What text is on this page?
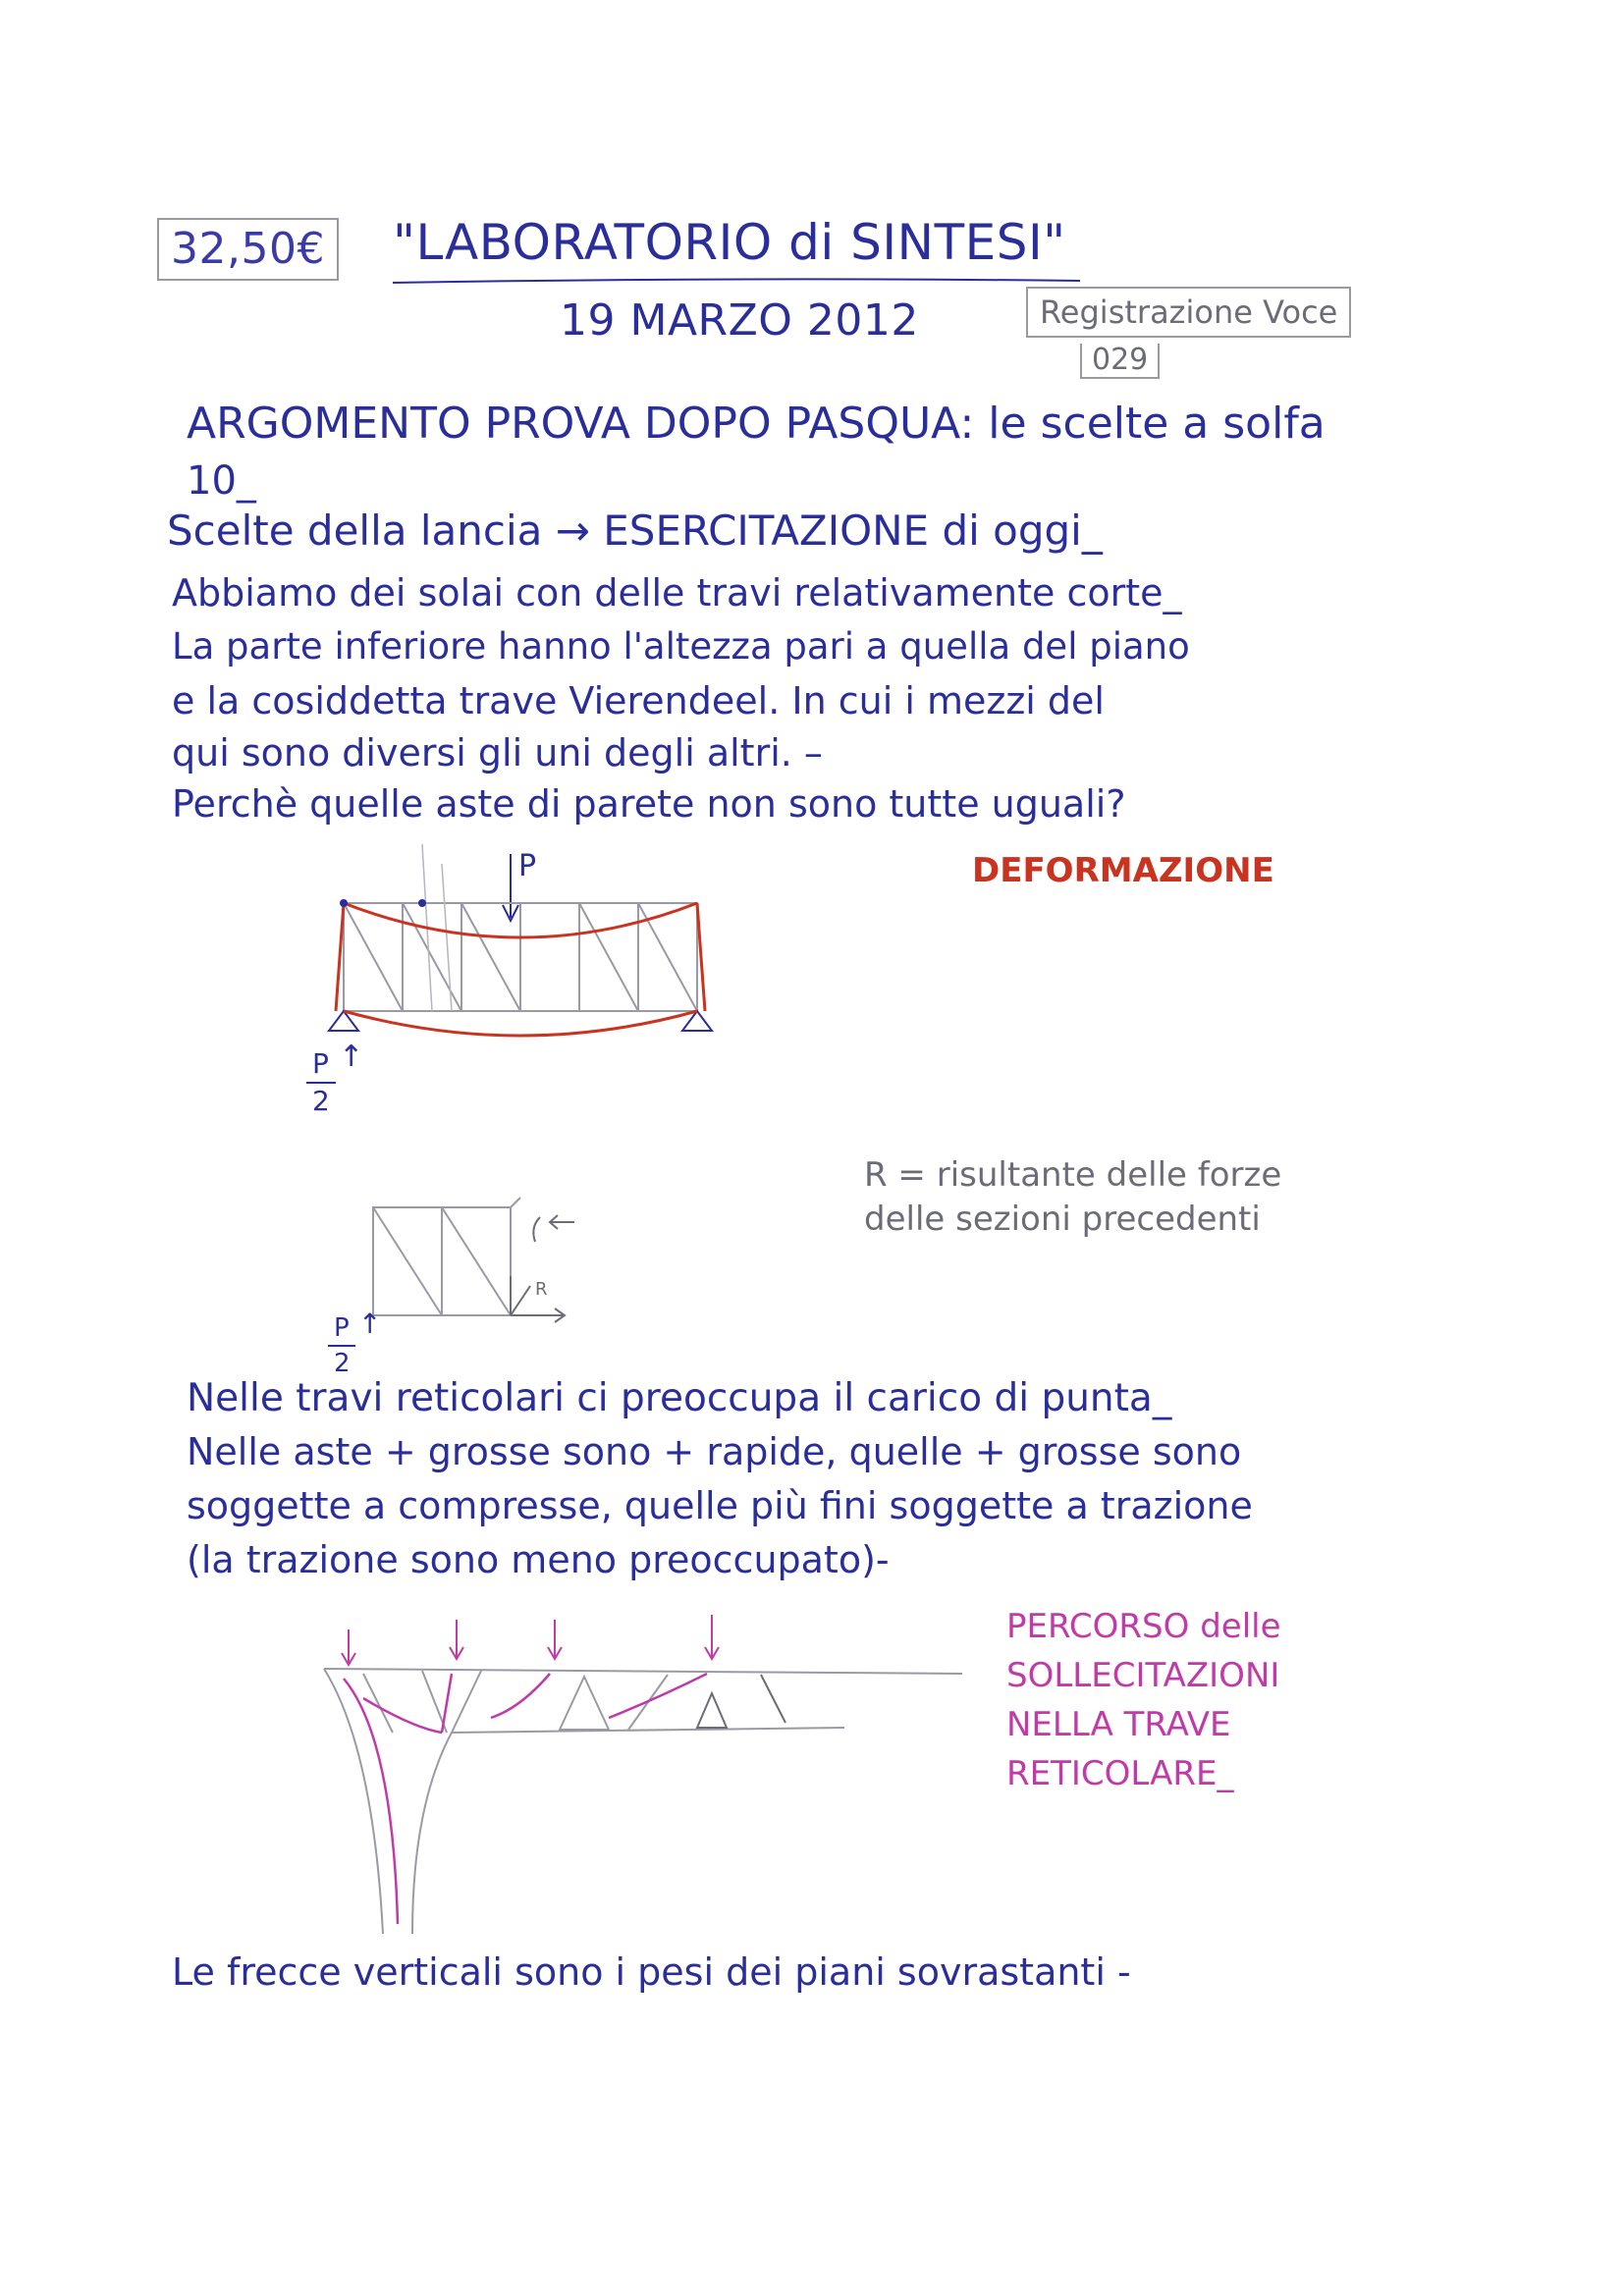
32,50€ "LABORATORIO di SINTESI"
19 MARZO 2012	Registrazione Voce
029
ARGOMENTO PROVA DOPO PASQUA: le scelte a solfa
10_
Scelte della lancia → ESERCITAZIONE di oggi_
Abbiamo dei solai con delle travi relativamente corte_
La parte inferiore hanno l'altezza pari a quella del piano
e la cosiddetta trave Vierendeel. In cui i mezzi del
qui sono diversi gli uni degli altri. –
Perchè quelle aste di parete non sono tutte uguali?
DEFORMAZIONE
P
P ↑
2
R = risultante delle forze
delle sezioni precedenti
R
P ↑
2
Nelle travi reticolari ci preoccupa il carico di punta_
Nelle aste + grosse sono + rapide, quelle + grosse sono
soggette a compresse, quelle più fini soggette a trazione
(la trazione sono meno preoccupato)-
PERCORSO delle
SOLLECITAZIONI
NELLA TRAVE
RETICOLARE_
Le frecce verticali sono i pesi dei piani sovrastanti -
